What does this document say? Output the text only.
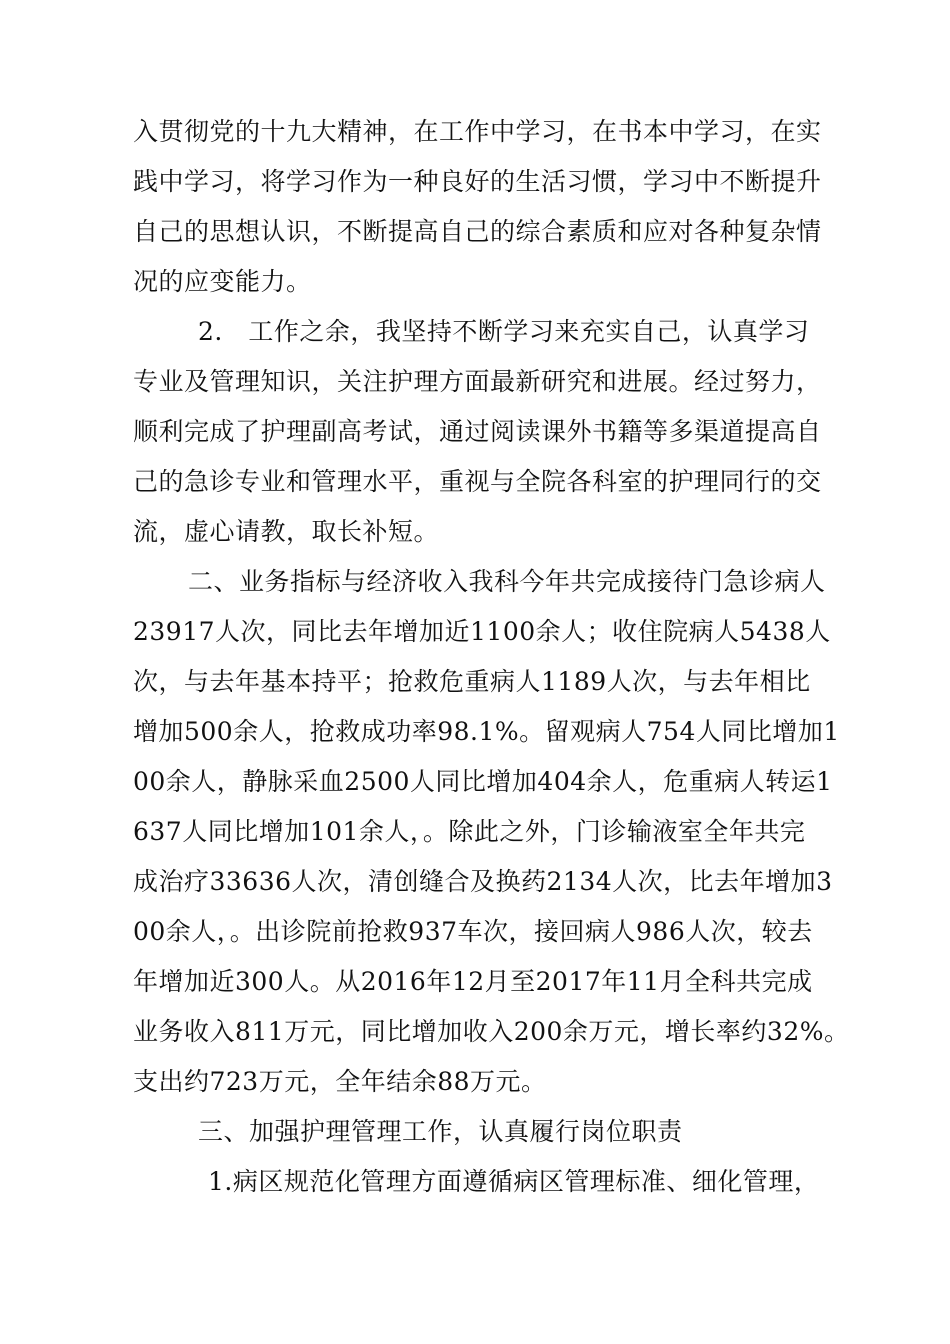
入贯彻党的十九大精神，在工作中学习，在书本中学习，在实
践中学习，将学习作为一种良好的生活习惯，学习中不断提升
自己的思想认识，不断提高自己的综合素质和应对各种复杂情
况的应变能力。
2.　工作之余，我坚持不断学习来充实自己，认真学习
专业及管理知识，关注护理方面最新研究和进展。经过努力，
顺利完成了护理副高考试，通过阅读课外书籍等多渠道提高自
己的急诊专业和管理水平，重视与全院各科室的护理同行的交
流，虚心请教，取长补短。
二、业务指标与经济收入我科今年共完成接待门急诊病人
23917人次，同比去年增加近1100余人；收住院病人5438人
次，与去年基本持平；抢救危重病人1189人次，与去年相比
增加500余人，抢救成功率98.1%。留观病人754人同比增加1
00余人，静脉采血2500人同比增加404余人，危重病人转运1
637人同比增加101余人，。除此之外，门诊输液室全年共完
成治疗33636人次，清创缝合及换药2134人次，比去年增加3
00余人，。出诊院前抢救937车次，接回病人986人次，较去
年增加近300人。从2016年12月至2017年11月全科共完成
业务收入811万元，同比增加收入200余万元，增长率约32%。
支出约723万元，全年结余88万元。
三、加强护理管理工作，认真履行岗位职责
1.病区规范化管理方面遵循病区管理标准、细化管理，
